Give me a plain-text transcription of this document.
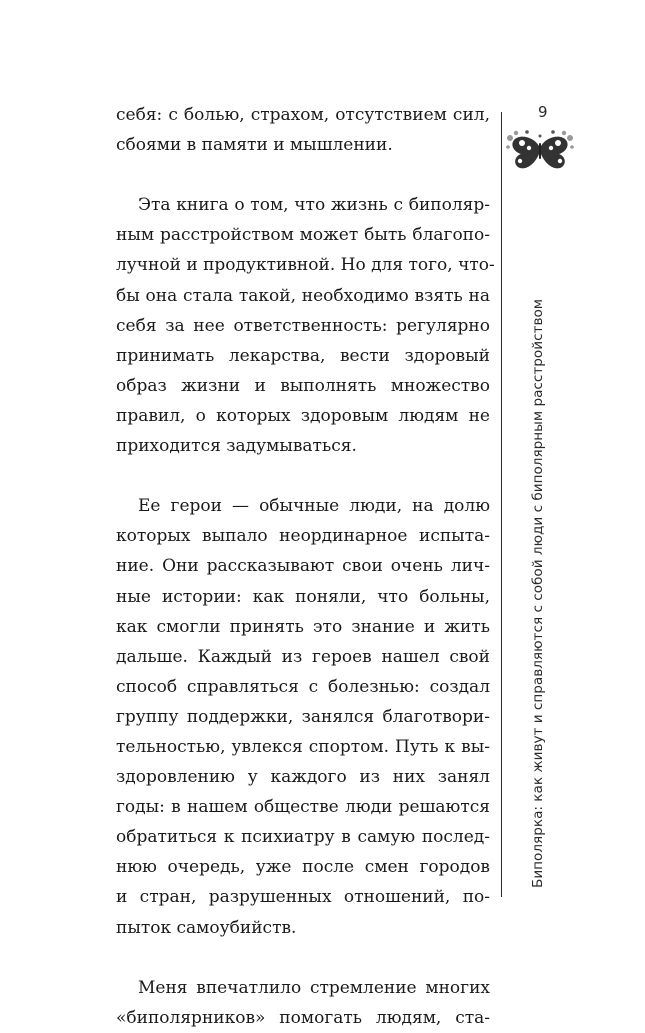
себя: с болью, страхом, отсутствием сил,
сбоями в памяти и мышлении.
Эта книга о том, что жизнь с биполяр-
ным расстройством может быть благопо-
лучной и продуктивной. Но для того, что-
бы она стала такой, необходимо взять на
себя за нее ответственность: регулярно
принимать лекарства, вести здоровый
образ жизни и выполнять множество
правил, о которых здоровым людям не
приходится задумываться.
Ее герои — обычные люди, на долю
которых выпало неординарное испыта-
ние. Они рассказывают свои очень лич-
ные истории: как поняли, что больны,
как смогли принять это знание и жить
дальше. Каждый из героев нашел свой
способ справляться с болезнью: создал
группу поддержки, занялся благотвори-
тельностью, увлекся спортом. Путь к вы-
здоровлению у каждого из них занял
годы: в нашем обществе люди решаются
обратиться к психиатру в самую послед-
нюю очередь, уже после смен городов
и стран, разрушенных отношений, по-
пыток самоубийств.
Меня впечатлило стремление многих
«биполярников» помогать людям, ста-
9
Биполярка: как живут и справляются с собой люди с биполярным расстройством
